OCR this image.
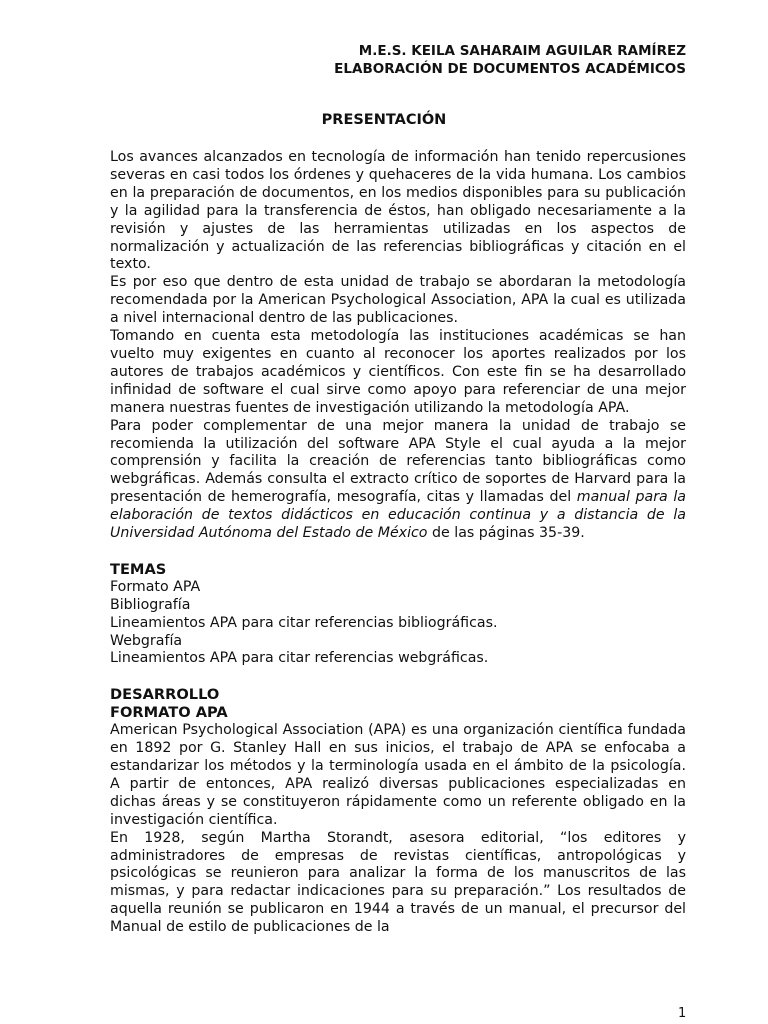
M.E.S. KEILA SAHARAIM AGUILAR RAMÍREZ
ELABORACIÓN DE DOCUMENTOS ACADÉMICOS
PRESENTACIÓN

Los avances alcanzados en tecnología de información han tenido repercusiones severas en casi todos los órdenes y quehaceres de la vida humana. Los cambios en la preparación de documentos, en los medios disponibles para su publicación y la agilidad para la transferencia de éstos, han obligado necesariamente a la revisión y ajustes de las herramientas utilizadas en los aspectos de normalización y actualización de las referencias bibliográficas y citación en el texto.

Es por eso que dentro de esta unidad de trabajo se abordaran la metodología recomendada por la American Psychological Association, APA la cual es utilizada a nivel internacional dentro de las publicaciones.

Tomando en cuenta esta metodología las instituciones académicas se han vuelto muy exigentes en cuanto al reconocer los aportes realizados por los autores de trabajos académicos y científicos. Con este fin se ha desarrollado infinidad de software el cual sirve como apoyo para referenciar de una mejor manera nuestras fuentes de investigación utilizando la metodología APA.

Para poder complementar de una mejor manera la unidad de trabajo se recomienda la utilización del software APA Style el cual ayuda a la mejor comprensión y facilita la creación de referencias tanto bibliográficas como webgráficas. Además consulta el extracto crítico de soportes de Harvard para la presentación de hemerografía, mesografía, citas y llamadas del manual para la elaboración de textos didácticos en educación continua y a distancia de la Universidad Autónoma del Estado de México de las páginas 35-39.

TEMAS

Formato APA
Bibliografía
Lineamientos APA para citar referencias bibliográficas.
Webgrafía
Lineamientos APA para citar referencias webgráficas.

DESARROLLO

FORMATO APA

American Psychological Association (APA) es una organización científica fundada en 1892 por G. Stanley Hall en sus inicios, el trabajo de APA se enfocaba a estandarizar los métodos y la terminología usada en el ámbito de la psicología. A partir de entonces, APA realizó diversas publicaciones especializadas en dichas áreas y se constituyeron rápidamente como un referente obligado en la investigación científica.

En 1928, según Martha Storandt, asesora editorial, “los editores y administradores de empresas de revistas científicas, antropológicas y psicológicas se reunieron para analizar la forma de los manuscritos de las mismas, y para redactar indicaciones para su preparación.” Los resultados de aquella reunión se publicaron en 1944 a través de un manual, el precursor del Manual de estilo de publicaciones de la

1
